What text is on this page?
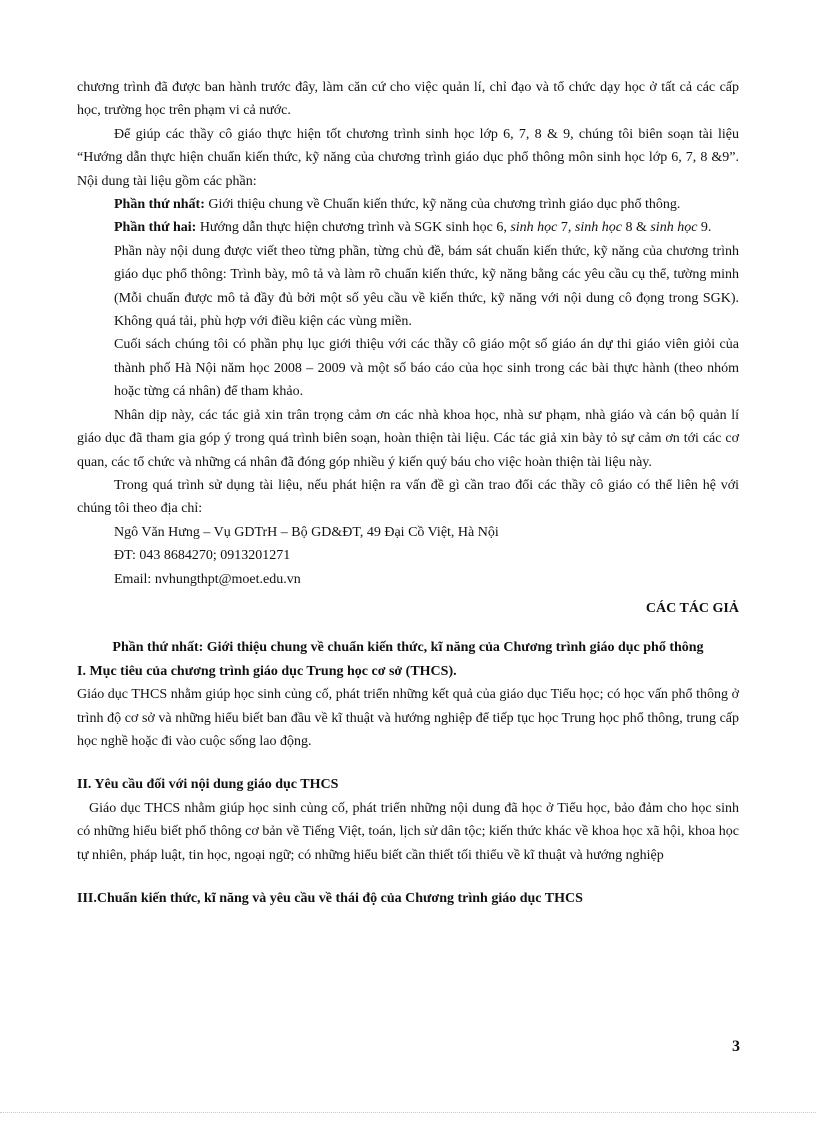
chương trình đã được ban hành trước đây, làm căn cứ cho việc quản lí, chỉ đạo và tổ chức dạy học ở tất cả các cấp học, trường học trên phạm vi cả nước.

Để giúp các thầy cô giáo thực hiện tốt chương trình sinh học lớp 6, 7, 8 & 9, chúng tôi biên soạn tài liệu “Hướng dẫn thực hiện chuẩn kiến thức, kỹ năng của chương trình giáo dục phổ thông môn sinh học lớp 6, 7, 8 &9”. Nội dung tài liệu gồm các phần:

Phần thứ nhất: Giới thiệu chung về Chuẩn kiến thức, kỹ năng của chương trình giáo dục phổ thông.

Phần thứ hai: Hướng dẫn thực hiện chương trình và SGK sinh học 6, sinh học 7, sinh học 8 & sinh học 9.

Phần này nội dung được viết theo từng phần, từng chủ đề, bám sát chuẩn kiến thức, kỹ năng của chương trình giáo dục phổ thông: Trình bày, mô tả và làm rõ chuẩn kiến thức, kỹ năng bằng các yêu cầu cụ thể, tường minh (Mỗi chuẩn được mô tả đầy đủ bởi một số yêu cầu về kiến thức, kỹ năng với nội dung cô đọng trong SGK). Không quá tải, phù hợp với điều kiện các vùng miền.

Cuối sách chúng tôi có phần phụ lục giới thiệu với các thầy cô giáo một số giáo án dự thi giáo viên giỏi của thành phố Hà Nội năm học 2008 – 2009 và một số báo cáo của học sinh trong các bài thực hành (theo nhóm hoặc từng cá nhân) để tham khảo.

Nhân dịp này, các tác giả xin trân trọng cảm ơn các nhà khoa học, nhà sư phạm, nhà giáo và cán bộ quản lí giáo dục đã tham gia góp ý trong quá trình biên soạn, hoàn thiện tài liệu. Các tác giả xin bày tỏ sự cảm ơn tới các cơ quan, các tổ chức và những cá nhân đã đóng góp nhiều ý kiến quý báu cho việc hoàn thiện tài liệu này.

Trong quá trình sử dụng tài liệu, nếu phát hiện ra vấn đề gì cần trao đổi các thầy cô giáo có thể liên hệ với chúng tôi theo địa chỉ:

Ngô Văn Hưng – Vụ GDTrH – Bộ GD&ĐT, 49 Đại Cồ Việt, Hà Nội

ĐT: 043 8684270; 0913201271

Email: nvhungthpt@moet.edu.vn

CÁC TÁC GIẢ

Phần thứ nhất: Giới thiệu chung về chuẩn kiến thức, kĩ năng của Chương trình giáo dục phổ thông

I. Mục tiêu của chương trình giáo dục Trung học cơ sở (THCS).

Giáo dục THCS nhằm giúp học sinh củng cố, phát triển những kết quả của giáo dục Tiểu học; có học vấn phổ thông ở trình độ cơ sở và những hiểu biết ban đầu về kĩ thuật và hướng nghiệp để tiếp tục học Trung học phổ thông, trung cấp học nghề hoặc đi vào cuộc sống lao động.

II. Yêu cầu đối với nội dung giáo dục THCS

Giáo dục THCS nhằm giúp học sinh củng cố, phát triển những nội dung đã học ở Tiểu học, bảo đảm cho học sinh có những hiểu biết phổ thông cơ bản về Tiếng Việt, toán, lịch sử dân tộc; kiến thức khác về khoa học xã hội, khoa học tự nhiên, pháp luật, tin học, ngoại ngữ; có những hiểu biết cần thiết tối thiểu về kĩ thuật và hướng nghiệp

III.Chuẩn kiến thức, kĩ năng và yêu cầu về thái độ của Chương trình giáo dục THCS

3
